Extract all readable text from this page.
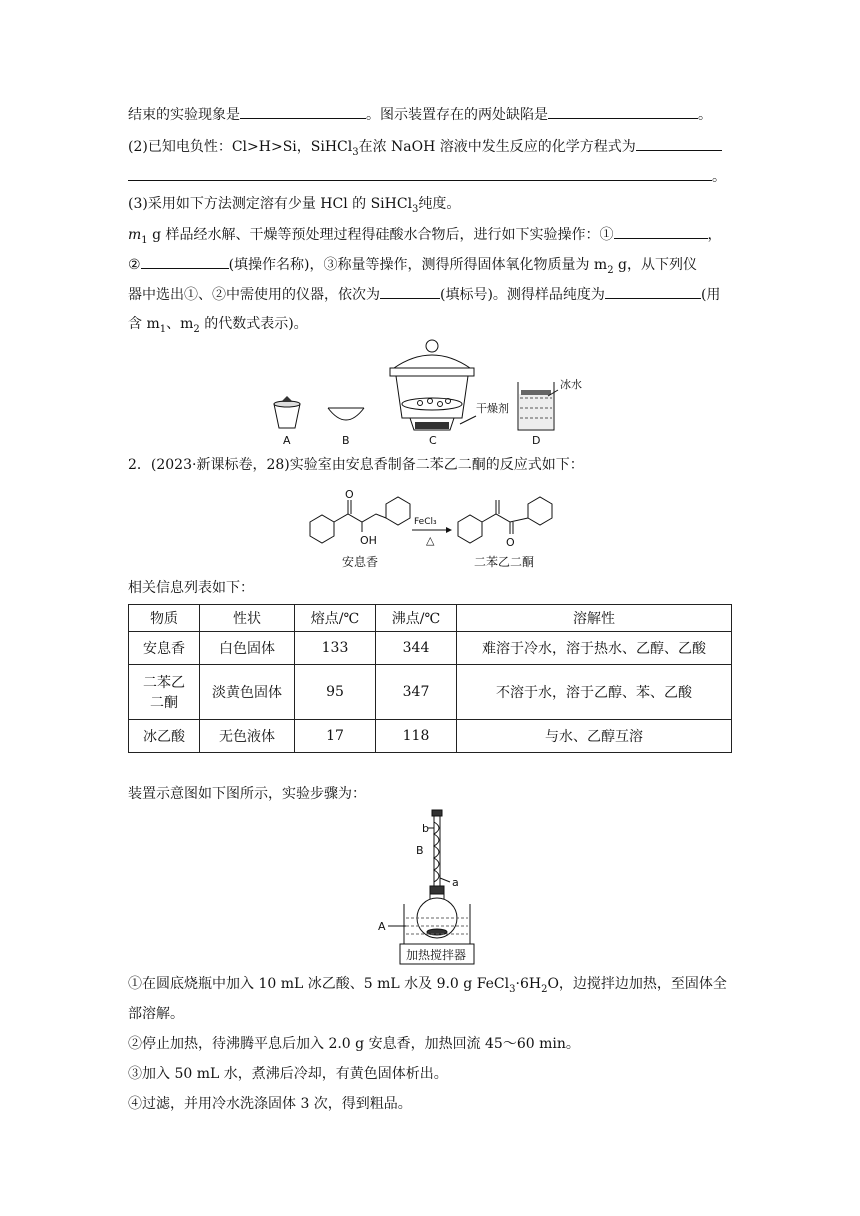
结束的实验现象是	。图示装置存在的两处缺陷是	。
(2)已知电负性：Cl>H>Si，SiHCl$_3$在浓 NaOH 溶液中发生反应的化学方程式为
。
(3)采用如下方法测定溶有少量 HCl 的 SiHCl$_3$纯度。
$m_1$ g 样品经水解、干燥等预处理过程得硅酸水合物后，进行如下实验操作：①	，
②	(填操作名称)，③称量等操作，测得所得固体氧化物质量为 $m_2$ g，从下列仪
器中选出①、②中需使用的仪器，依次为	(填标号)。测得样品纯度为	(用
含 $m_1$、$m_2$ 的代数式表示)。
A	B
干燥剂
C
冰水
D
2．(2023·新课标卷，28)实验室由安息香制备二苯乙二酮的反应式如下：
O
OH
安息香
FeCl₃
△	O
二苯乙二酮
相关信息列表如下：
物质	性状	熔点/℃	沸点/℃	溶解性
安息香	白色固体	133	344	难溶于冷水，溶于热水、乙醇、乙酸

二苯乙
二酮	淡黄色固体	95	347	不溶于水，溶于乙醇、苯、乙酸
冰乙酸	无色液体	17	118	与水、乙醇互溶
装置示意图如下图所示，实验步骤为：
b
B
a
A
加热搅拌器
①在圆底烧瓶中加入 10 mL 冰乙酸、5 mL 水及 9.0 g $FeCl_3\cdot 6H_2O$，边搅拌边加热，至固体全
部溶解。
②停止加热，待沸腾平息后加入 2.0 g 安息香，加热回流 45～60 min。
③加入 50 mL 水，煮沸后冷却，有黄色固体析出。
④过滤，并用冷水洗涤固体 3 次，得到粗品。
